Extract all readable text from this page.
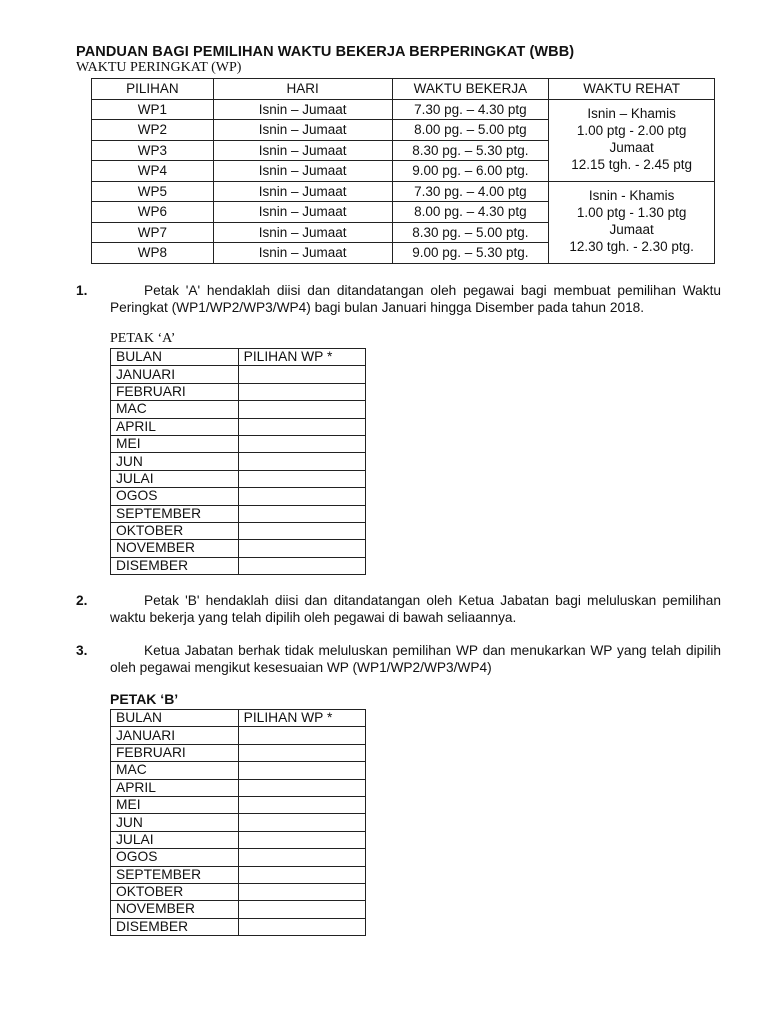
PANDUAN BAGI PEMILIHAN WAKTU BEKERJA BERPERINGKAT (WBB)
WAKTU PERINGKAT (WP)
PILIHAN	HARI	WAKTU BEKERJA	WAKTU REHAT
WP1	Isnin – Jumaat	7.30 pg. – 4.30 ptg	Isnin – Khamis
1.00 ptg - 2.00 ptg
Jumaat
12.15 tgh. - 2.45 ptg

WP2	Isnin – Jumaat	8.00 pg. – 5.00 ptg	
WP3	Isnin – Jumaat	8.30 pg. – 5.30 ptg.	
WP4	Isnin – Jumaat	9.00 pg. – 6.00 ptg.	
WP5	Isnin – Jumaat	7.30 pg. – 4.00 ptg	Isnin - Khamis
1.00 ptg - 1.30 ptg
Jumaat
12.30 tgh. - 2.30 ptg.

WP6	Isnin – Jumaat	8.00 pg. – 4.30 ptg	
WP7	Isnin – Jumaat	8.30 pg. – 5.00 ptg.	
WP8	Isnin – Jumaat	9.00 pg. – 5.30 ptg.	
1.	Petak 'A' hendaklah diisi dan ditandatangan oleh pegawai bagi membuat pemilihan Waktu Peringkat (WP1/WP2/WP3/WP4) bagi bulan Januari hingga Disember pada tahun 2018.
PETAK ‘A’
BULAN	PILIHAN WP *
JANUARI	
FEBRUARI	
MAC	
APRIL	
MEI	
JUN	
JULAI	
OGOS	
SEPTEMBER	
OKTOBER	
NOVEMBER	
DISEMBER	
2.	Petak 'B' hendaklah diisi dan ditandatangan oleh Ketua Jabatan bagi meluluskan pemilihan waktu bekerja yang telah dipilih oleh pegawai di bawah seliaannya.
3.	Ketua Jabatan berhak tidak meluluskan pemilihan WP dan menukarkan WP yang telah dipilih oleh pegawai mengikut kesesuaian WP (WP1/WP2/WP3/WP4)
PETAK ‘B’
BULAN	PILIHAN WP *
JANUARI	
FEBRUARI	
MAC	
APRIL	
MEI	
JUN	
JULAI	
OGOS	
SEPTEMBER	
OKTOBER	
NOVEMBER	
DISEMBER	
